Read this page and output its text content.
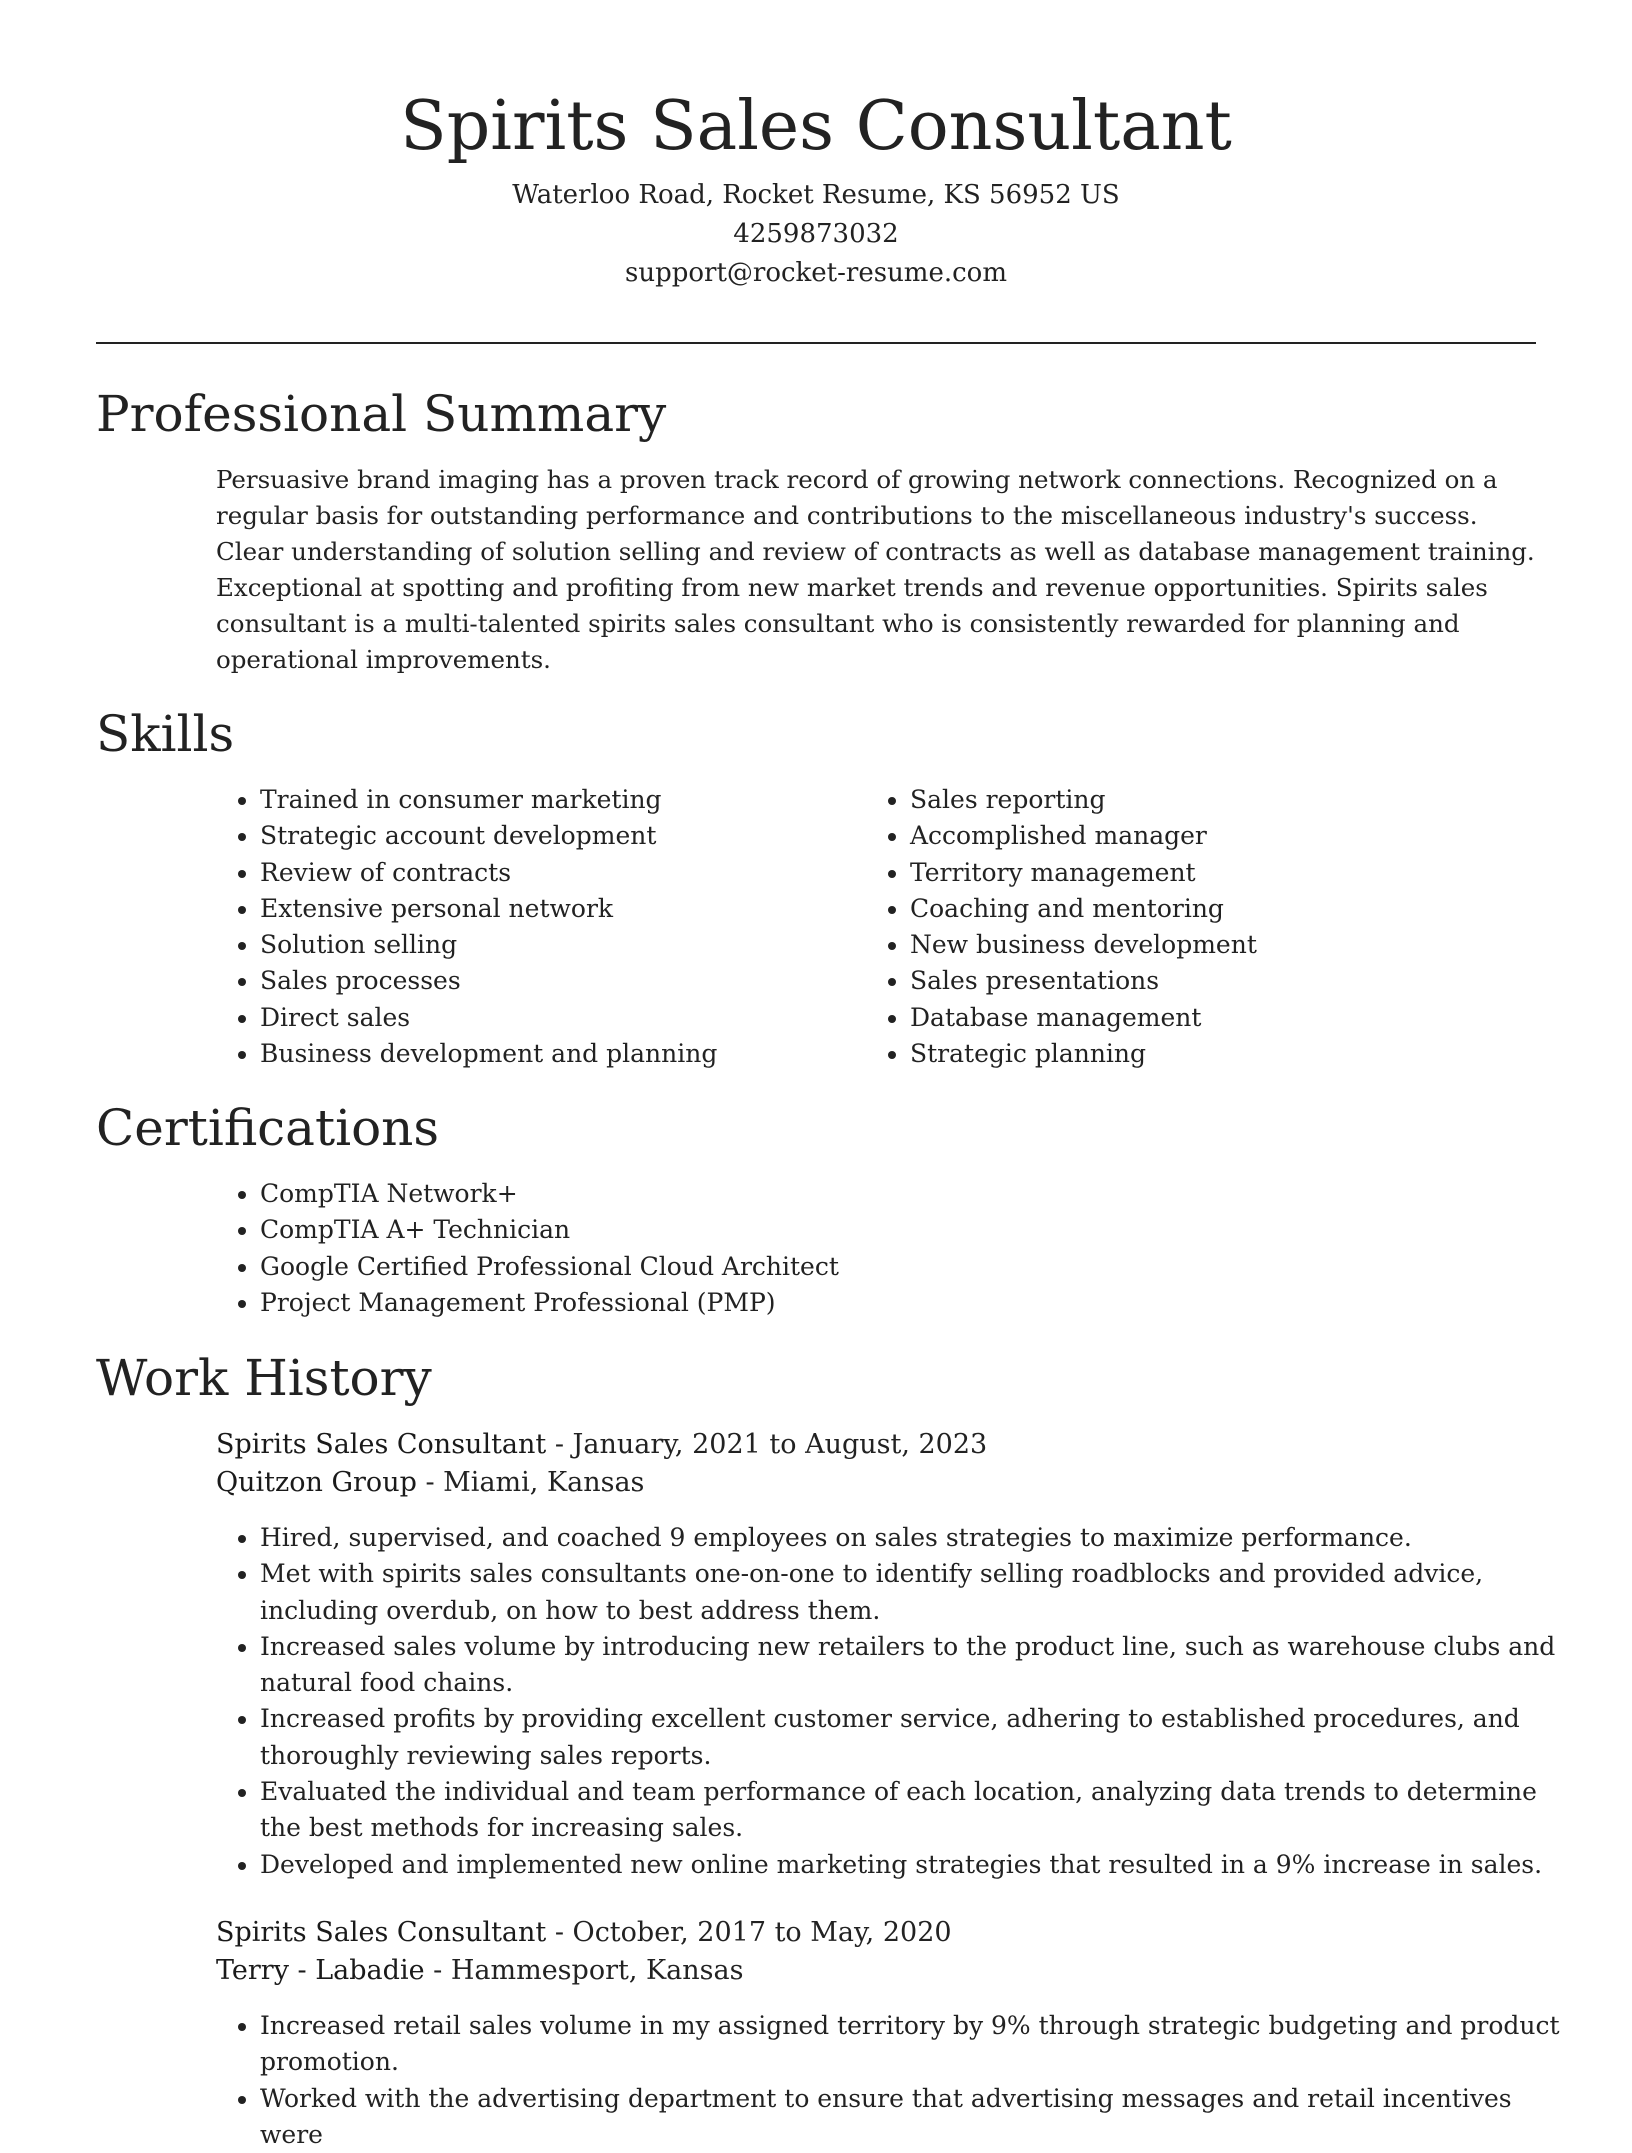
Spirits Sales Consultant
Waterloo Road, Rocket Resume, KS 56952 US
4259873032
support@rocket-resume.com
Professional Summary
Persuasive brand imaging has a proven track record of growing network connections. Recognized on a regular basis for outstanding performance and contributions to the miscellaneous industry's success. Clear understanding of solution selling and review of contracts as well as database management training. Exceptional at spotting and profiting from new market trends and revenue opportunities. Spirits sales consultant is a multi-talented spirits sales consultant who is consistently rewarded for planning and operational improvements.
Skills
• Trained in consumer marketing
• Strategic account development
• Review of contracts
• Extensive personal network
• Solution selling
• Sales processes
• Direct sales
• Business development and planning
• Sales reporting
• Accomplished manager
• Territory management
• Coaching and mentoring
• New business development
• Sales presentations
• Database management
• Strategic planning
Certifications
• CompTIA Network+
• CompTIA A+ Technician
• Google Certified Professional Cloud Architect
• Project Management Professional (PMP)
Work History
Spirits Sales Consultant - January, 2021 to August, 2023
Quitzon Group - Miami, Kansas
• Hired, supervised, and coached 9 employees on sales strategies to maximize performance.
• Met with spirits sales consultants one-on-one to identify selling roadblocks and provided advice, including overdub, on how to best address them.
• Increased sales volume by introducing new retailers to the product line, such as warehouse clubs and natural food chains.
• Increased profits by providing excellent customer service, adhering to established procedures, and thoroughly reviewing sales reports.
• Evaluated the individual and team performance of each location, analyzing data trends to determine the best methods for increasing sales.
• Developed and implemented new online marketing strategies that resulted in a 9% increase in sales.
Spirits Sales Consultant - October, 2017 to May, 2020
Terry - Labadie - Hammesport, Kansas
• Increased retail sales volume in my assigned territory by 9% through strategic budgeting and product promotion.
• Worked with the advertising department to ensure that advertising messages and retail incentives were
